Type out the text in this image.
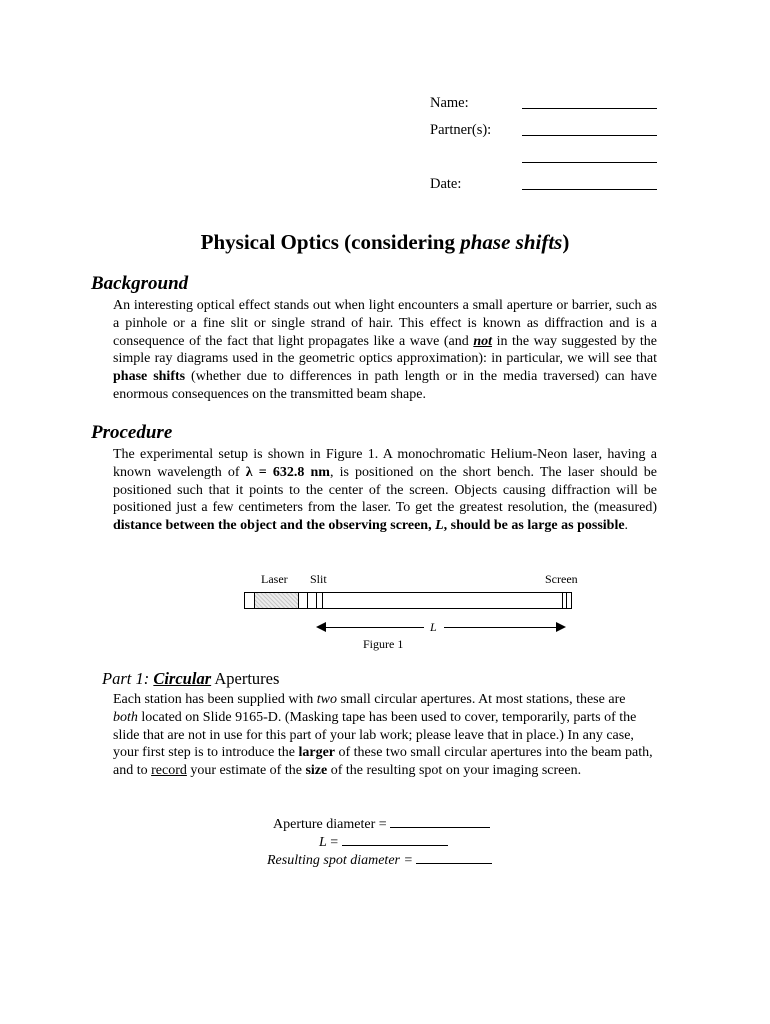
Name:
Partner(s):
Date:
Physical Optics (considering phase shifts)
Background
An interesting optical effect stands out when light encounters a small aperture or barrier, such as a pinhole or a fine slit or single strand of hair. This effect is known as diffraction and is a consequence of the fact that light propagates like a wave (and not in the way suggested by the simple ray diagrams used in the geometric optics approximation): in particular, we will see that phase shifts (whether due to differences in path length or in the media traversed) can have enormous consequences on the transmitted beam shape.
Procedure
The experimental setup is shown in Figure 1. A monochromatic Helium-Neon laser, having a known wavelength of λ = 632.8 nm, is positioned on the short bench. The laser should be positioned such that it points to the center of the screen. Objects causing diffraction will be positioned just a few centimeters from the laser. To get the greatest resolution, the (measured) distance between the object and the observing screen, L, should be as large as possible.
Laser Slit	Screen
L
Figure 1
Part 1: Circular Apertures
Each station has been supplied with two small circular apertures. At most stations, these are both located on Slide 9165-D. (Masking tape has been used to cover, temporarily, parts of the slide that are not in use for this part of your lab work; please leave that in place.) In any case, your first step is to introduce the larger of these two small circular apertures into the beam path, and to record your estimate of the size of the resulting spot on your imaging screen.
Aperture diameter =
L =
Resulting spot diameter =
